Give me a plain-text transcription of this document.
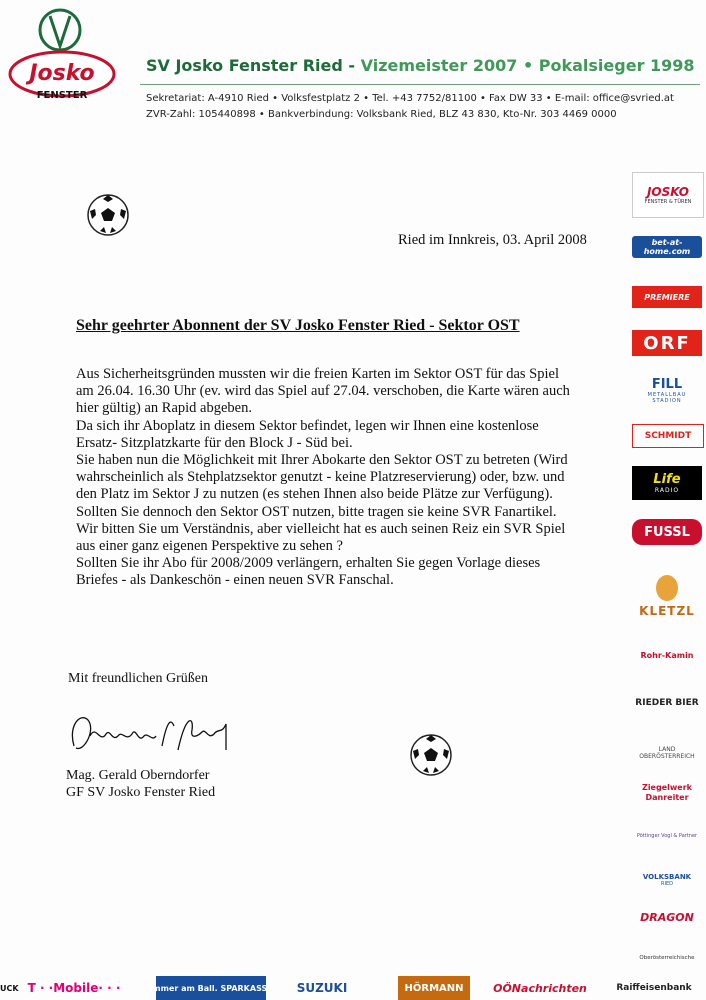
Josko
FENSTER
SV Josko Fenster Ried - Vizemeister 2007 • Pokalsieger 1998
Sekretariat: A-4910 Ried • Volksfestplatz 2 • Tel. +43 7752/81100 • Fax DW 33 • E-mail: office@svried.at
ZVR-Zahl: 105440898 • Bankverbindung: Volksbank Ried, BLZ 43 830, Kto-Nr. 303 4469 0000
Ried im Innkreis, 03. April 2008
Sehr geehrter Abonnent der SV Josko Fenster Ried - Sektor OST
Aus Sicherheitsgründen mussten wir die freien Karten im Sektor OST für das Spiel
am 26.04. 16.30 Uhr (ev. wird das Spiel auf 27.04. verschoben, die Karte wären auch
hier gültig) an Rapid abgeben.
Da sich ihr Aboplatz in diesem Sektor befindet, legen wir Ihnen eine kostenlose
Ersatz- Sitzplatzkarte für den Block J - Süd bei.
Sie haben nun die Möglichkeit mit Ihrer Abokarte den Sektor OST zu betreten (Wird
wahrscheinlich als Stehplatzsektor genutzt - keine Platzreservierung) oder, bzw. und
den Platz im Sektor J zu nutzen (es stehen Ihnen also beide Plätze zur Verfügung).
Sollten Sie dennoch den Sektor OST nutzen, bitte tragen sie keine SVR Fanartikel.
Wir bitten Sie um Verständnis, aber vielleicht hat es auch seinen Reiz ein SVR Spiel
aus einer ganz eigenen Perspektive zu sehen ?
Sollten Sie ihr Abo für 2008/2009 verlängern, erhalten Sie gegen Vorlage dieses
Briefes - als Dankeschön - einen neuen SVR Fanschal.
Mit freundlichen Grüßen
Mag. Gerald Oberndorfer
GF SV Josko Fenster Ried
JOSKO
FENSTER & TÜREN
bet-at-home.com
PREMIERE
ORF
FILL
METALLBAU STADION
SCHMIDT
Life
RADIO
FUSSL
KLETZL
Rohr-Kamin
RIEDER BIER
LAND OBERÖSTERREICH
Ziegelwerk Danreiter
Pöttinger Vogl & Partner
VOLKSBANK
RIED
DRAGON
Oberösterreichische
UCK T · ·Mobile· · ·	Immer am Ball. SPARKASSE	SUZUKI	HÖRMANN	OÖNachrichten	Raiffeisenbank
